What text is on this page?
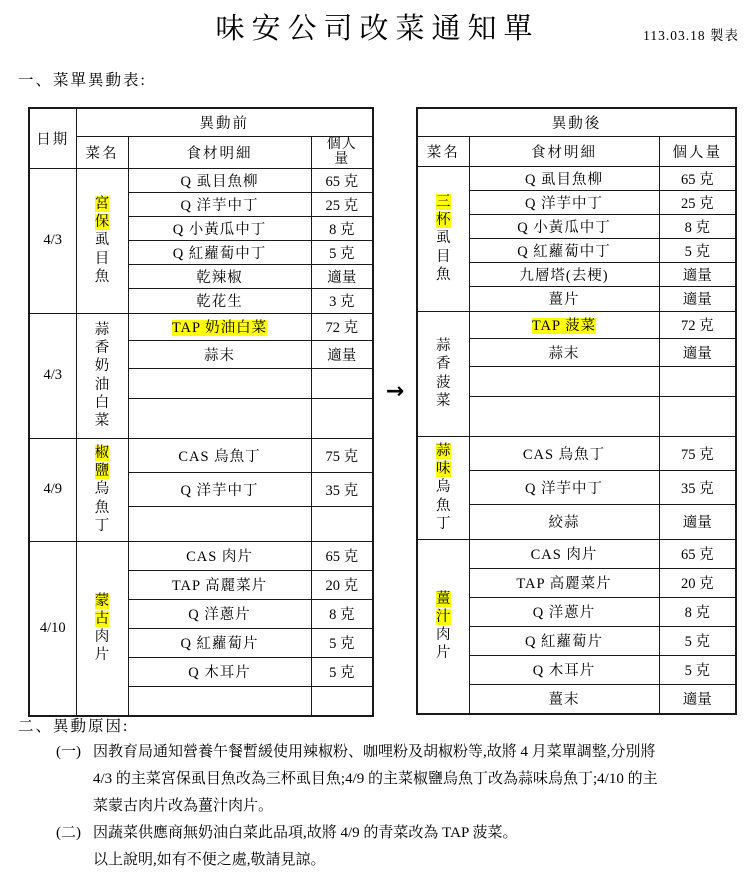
味安公司改菜通知單	113.03.18 製表
一、菜單異動表:
日期	異動前		
	菜名	食材明細	個人量
4/3	宮保虱目魚	Q 虱目魚柳	65 克
		Q 洋芋中丁	25 克
		Q 小黃瓜中丁	8 克
		Q 紅蘿蔔中丁	5 克
		乾辣椒	適量
		乾花生	3 克
4/3	蒜香奶油白菜	TAP 奶油白菜	72 克
		蒜末	適量

4/9	椒鹽烏魚丁	CAS 烏魚丁	75 克
		Q 洋芋中丁	35 克

4/10	蒙古肉片	CAS 肉片	65 克
		TAP 高麗菜片	20 克
		Q 洋蔥片	8 克
		Q 紅蘿蔔片	5 克
		Q 木耳片	5 克

→
異動後		
菜名	食材明細	個人量

三杯虱目魚	Q 虱目魚柳	65 克
	Q 洋芋中丁	25 克
	Q 小黃瓜中丁	8 克
	Q 紅蘿蔔中丁	5 克
	九層塔(去梗)	適量
	薑片	適量

蒜香菠菜	TAP 菠菜	72 克
	蒜末	適量

蒜味烏魚丁	CAS 烏魚丁	75 克
	Q 洋芋中丁	35 克
	絞蒜	適量

薑汁肉片	CAS 肉片	65 克
	TAP 高麗菜片	20 克
	Q 洋蔥片	8 克
	Q 紅蘿蔔片	5 克
	Q 木耳片	5 克
	薑末	適量
二、異動原因:
(一) 因教育局通知營養午餐暫緩使用辣椒粉、咖哩粉及胡椒粉等,故將 4 月菜單調整,分別將
4/3 的主菜宮保虱目魚改為三杯虱目魚;4/9 的主菜椒鹽烏魚丁改為蒜味烏魚丁;4/10 的主
菜蒙古肉片改為薑汁肉片。
(二) 因蔬菜供應商無奶油白菜此品項,故將 4/9 的青菜改為 TAP 菠菜。
以上說明,如有不便之處,敬請見諒。
